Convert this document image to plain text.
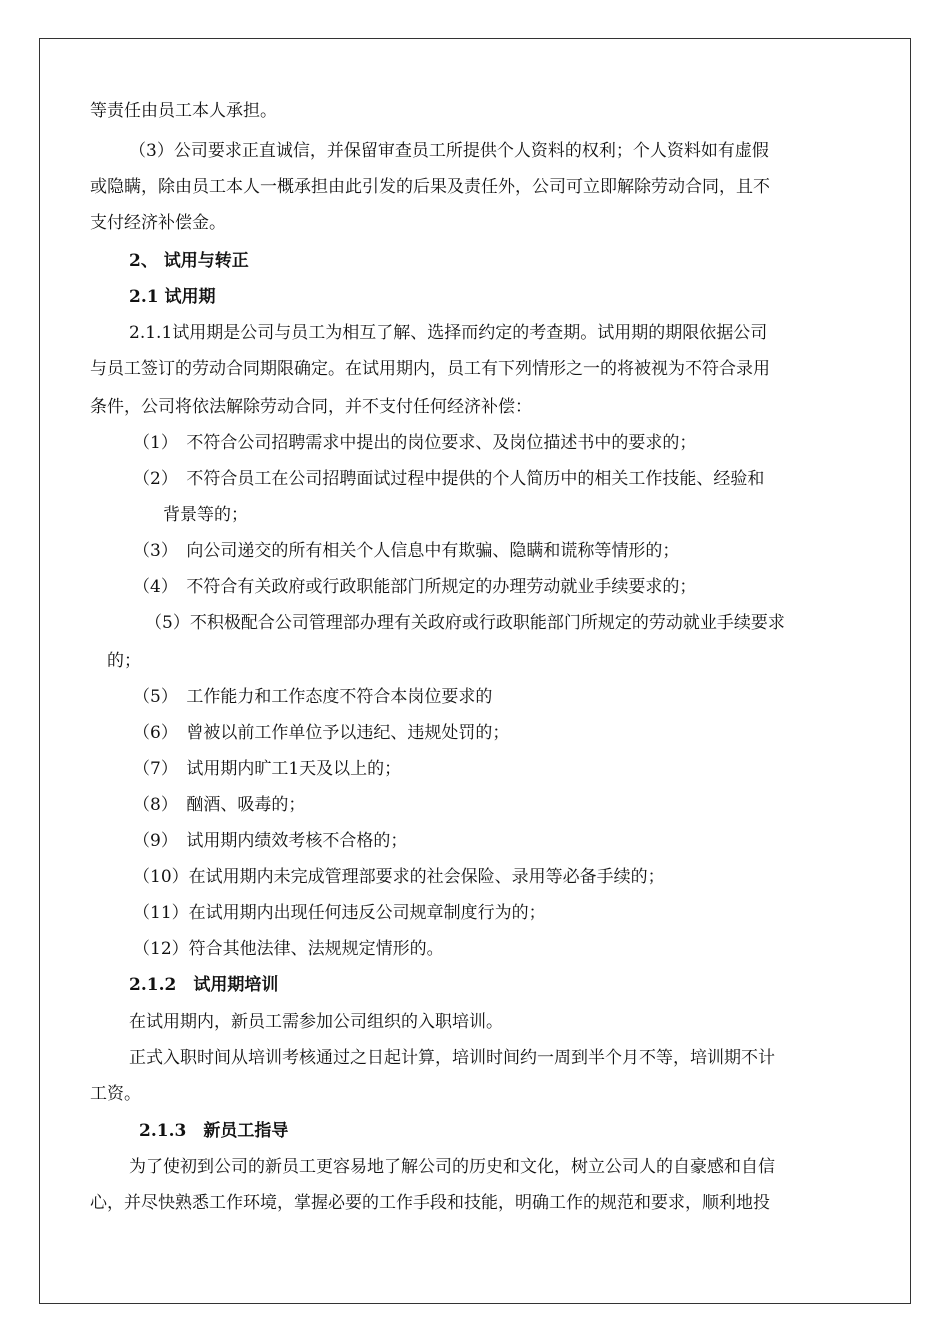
等责任由员工本人承担。
（3）公司要求正直诚信，并保留审查员工所提供个人资料的权利；个人资料如有虚假
或隐瞒，除由员工本人一概承担由此引发的后果及责任外，公司可立即解除劳动合同，且不
支付经济补偿金。
2、 试用与转正
2.1 试用期
2.1.1试用期是公司与员工为相互了解、选择而约定的考查期。试用期的期限依据公司
与员工签订的劳动合同期限确定。在试用期内，员工有下列情形之一的将被视为不符合录用
条件，公司将依法解除劳动合同，并不支付任何经济补偿：
（1）　不符合公司招聘需求中提出的岗位要求、及岗位描述书中的要求的；
（2）　不符合员工在公司招聘面试过程中提供的个人简历中的相关工作技能、经验和
背景等的；
（3）　向公司递交的所有相关个人信息中有欺骗、隐瞒和谎称等情形的；
（4）　不符合有关政府或行政职能部门所规定的办理劳动就业手续要求的；
（5）不积极配合公司管理部办理有关政府或行政职能部门所规定的劳动就业手续要求
的；
（5）　工作能力和工作态度不符合本岗位要求的
（6）　曾被以前工作单位予以违纪、违规处罚的；
（7）　试用期内旷工1天及以上的；
（8）　酗酒、吸毒的；
（9）　试用期内绩效考核不合格的；
（10）在试用期内未完成管理部要求的社会保险、录用等必备手续的；
（11）在试用期内出现任何违反公司规章制度行为的；
（12）符合其他法律、法规规定情形的。
2.1.2　试用期培训
在试用期内，新员工需参加公司组织的入职培训。
正式入职时间从培训考核通过之日起计算，培训时间约一周到半个月不等，培训期不计
工资。
2.1.3　新员工指导
为了使初到公司的新员工更容易地了解公司的历史和文化，树立公司人的自豪感和自信
心，并尽快熟悉工作环境，掌握必要的工作手段和技能，明确工作的规范和要求，顺利地投
